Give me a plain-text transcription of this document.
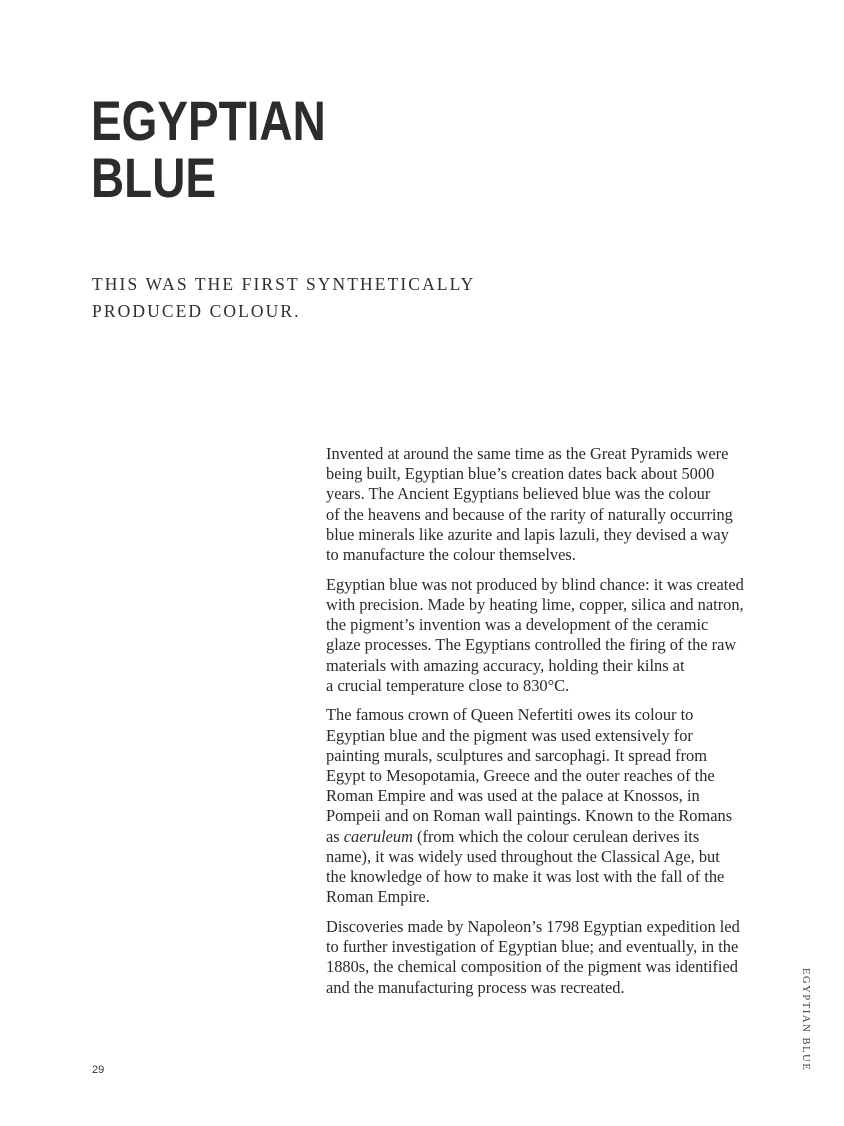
EGYPTIAN
BLUE
THIS WAS THE FIRST SYNTHETICALLY
PRODUCED COLOUR.

Invented at around the same time as the Great Pyramids were
being built, Egyptian blue’s creation dates back about 5000
years. The Ancient Egyptians believed blue was the colour
of the heavens and because of the rarity of naturally occurring
blue minerals like azurite and lapis lazuli, they devised a way
to manufacture the colour themselves.

Egyptian blue was not produced by blind chance: it was created
with precision. Made by heating lime, copper, silica and natron,
the pigment’s invention was a development of the ceramic
glaze processes. The Egyptians controlled the firing of the raw
materials with amazing accuracy, holding their kilns at
a crucial temperature close to 830°C.

The famous crown of Queen Nefertiti owes its colour to
Egyptian blue and the pigment was used extensively for
painting murals, sculptures and sarcophagi. It spread from
Egypt to Mesopotamia, Greece and the outer reaches of the
Roman Empire and was used at the palace at Knossos, in
Pompeii and on Roman wall paintings. Known to the Romans
as caeruleum (from which the colour cerulean derives its
name), it was widely used throughout the Classical Age, but
the knowledge of how to make it was lost with the fall of the
Roman Empire.

Discoveries made by Napoleon’s 1798 Egyptian expedition led
to further investigation of Egyptian blue; and eventually, in the
1880s, the chemical composition of the pigment was identified
and the manufacturing process was recreated.

29	EGYPTIAN BLUE
